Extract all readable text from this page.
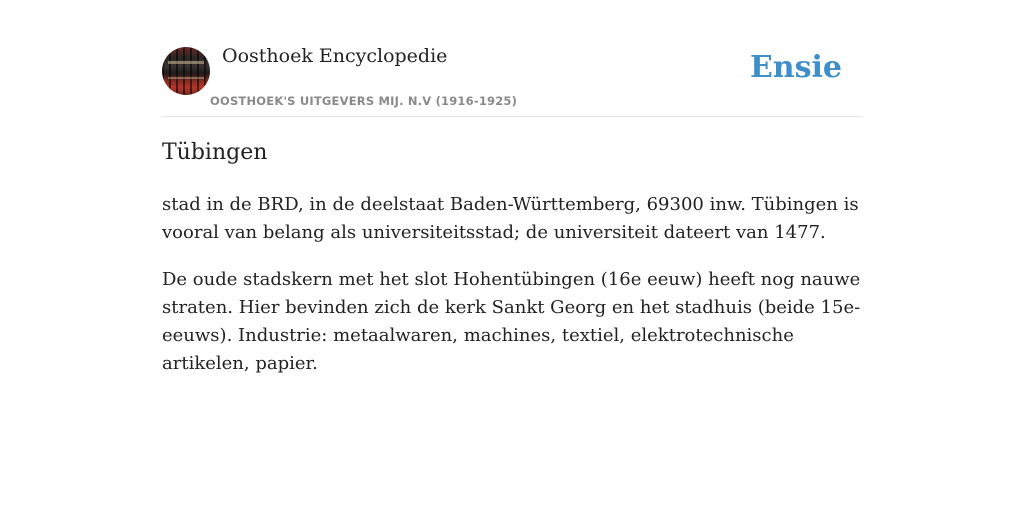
Oosthoek Encyclopedie
OOSTHOEK'S UITGEVERS MIJ. N.V (1916-1925)
Ensie
Tübingen

stad in de BRD, in de deelstaat Baden-Württemberg, 69300 inw. Tübingen is vooral van belang als universiteitsstad; de universiteit dateert van 1477.

De oude stadskern met het slot Hohentübingen (16e eeuw) heeft nog nauwe straten. Hier bevinden zich de kerk Sankt Georg en het stadhuis (beide 15e-eeuws). Industrie: metaalwaren, machines, textiel, elektrotechnische artikelen, papier.
